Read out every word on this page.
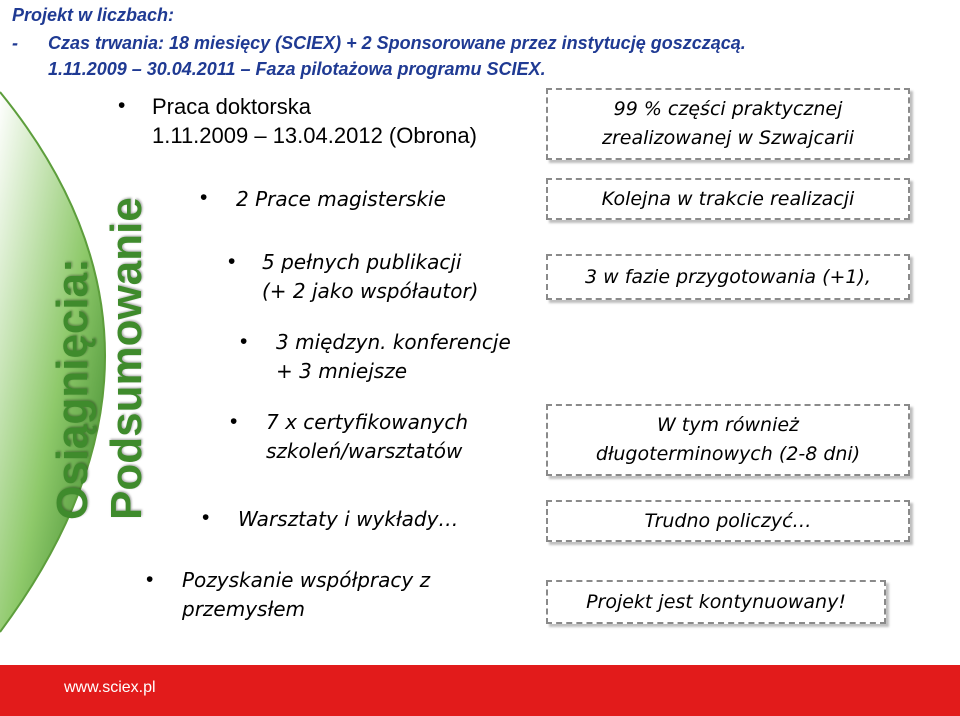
Projekt w liczbach:
- Czas trwania: 18 miesięcy (SCIEX) + 2 Sponsorowane przez instytucję goszczącą.
1.11.2009 – 30.04.2011 – Faza pilotażowa programu SCIEX.
Osiągnięcia: Podsumowanie
• Praca doktorska
1.11.2009 – 13.04.2012 (Obrona)
• 2 Prace magisterskie
• 5 pełnych publikacji
(+ 2 jako współautor)
• 3 międzyn. konferencje
+ 3 mniejsze
• 7 x certyfikowanych
szkoleń/warsztatów
• Warsztaty i wykłady…
• Pozyskanie współpracy z
przemysłem
99 % części praktycznej
zrealizowanej w Szwajcarii
Kolejna w trakcie realizacji
3 w fazie przygotowania (+1),
W tym również
długoterminowych (2-8 dni)
Trudno policzyć…
Projekt jest kontynuowany!
www.sciex.pl
